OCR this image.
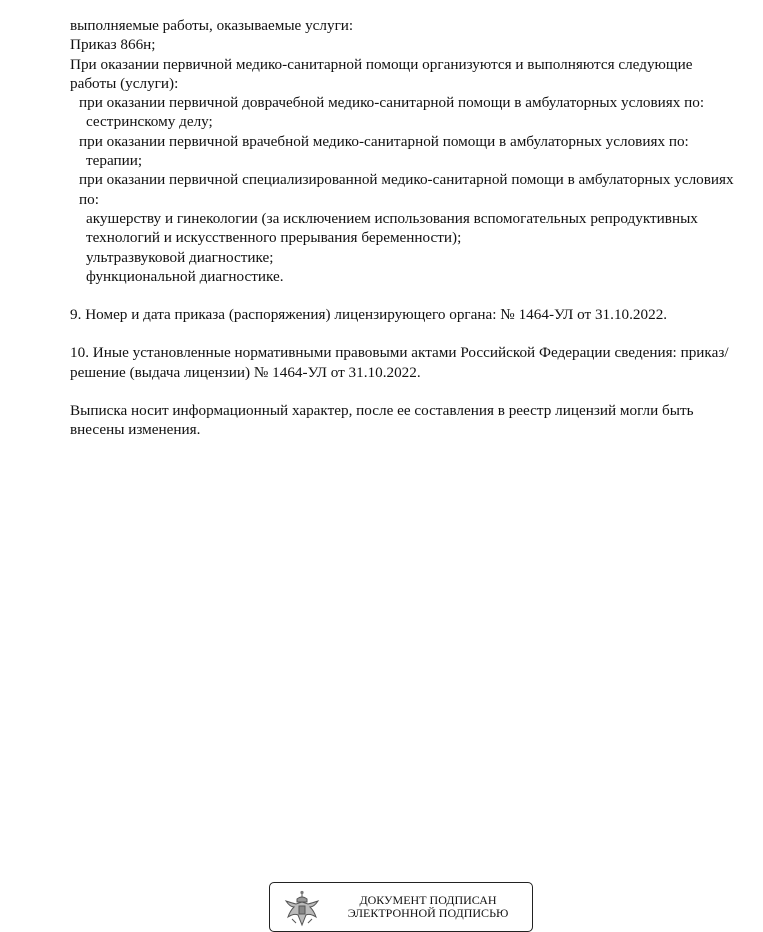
выполняемые работы, оказываемые услуги:
Приказ 866н;
При оказании первичной медико-санитарной помощи организуются и выполняются следующие работы (услуги):
при оказании первичной доврачебной медико-санитарной помощи в амбулаторных условиях по:
сестринскому делу;
при оказании первичной врачебной медико-санитарной помощи в амбулаторных условиях по:
терапии;
при оказании первичной специализированной медико-санитарной помощи в амбулаторных условиях по:
акушерству и гинекологии (за исключением использования вспомогательных репродуктивных технологий и искусственного прерывания беременности);
ультразвуковой диагностике;
функциональной диагностике.
9. Номер и дата приказа (распоряжения) лицензирующего органа: № 1464-УЛ от 31.10.2022.
10. Иные установленные нормативными правовыми актами Российской Федерации сведения: приказ/решение (выдача лицензии) № 1464-УЛ от 31.10.2022.
Выписка носит информационный характер, после ее составления в реестр лицензий могли быть внесены изменения.
ДОКУМЕНТ ПОДПИСАН
ЭЛЕКТРОННОЙ ПОДПИСЬЮ
